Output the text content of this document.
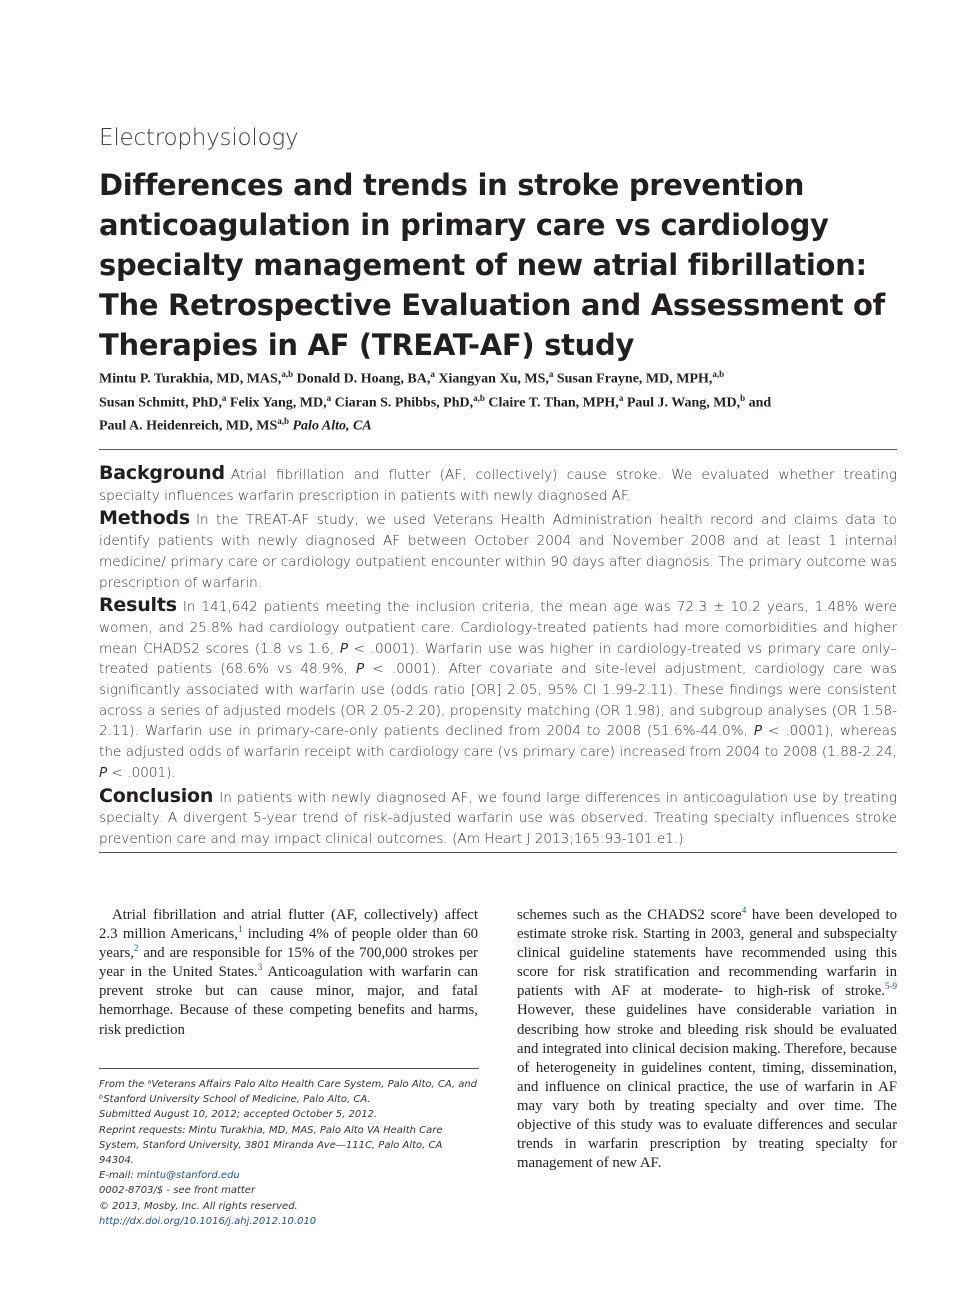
Electrophysiology
Differences and trends in stroke prevention anticoagulation in primary care vs cardiology specialty management of new atrial fibrillation: The Retrospective Evaluation and Assessment of Therapies in AF (TREAT-AF) study
Mintu P. Turakhia, MD, MAS,$^{a,b}$ Donald D. Hoang, BA,$^a$ Xiangyan Xu, MS,$^a$ Susan Frayne, MD, MPH,$^{a,b}$
Susan Schmitt, PhD,$^a$ Felix Yang, MD,$^a$ Ciaran S. Phibbs, PhD,$^{a,b}$ Claire T. Than, MPH,$^a$ Paul J. Wang, MD,$^b$ and
Paul A. Heidenreich, MD, MS$^{a,b}$ Palo Alto, CA

Background Atrial fibrillation and flutter (AF, collectively) cause stroke. We evaluated whether treating specialty influences warfarin prescription in patients with newly diagnosed AF.

Methods In the TREAT-AF study, we used Veterans Health Administration health record and claims data to identify patients with newly diagnosed AF between October 2004 and November 2008 and at least 1 internal medicine/ primary care or cardiology outpatient encounter within 90 days after diagnosis. The primary outcome was prescription of warfarin.

Results In 141,642 patients meeting the inclusion criteria, the mean age was 72.3 ± 10.2 years, 1.48% were women, and 25.8% had cardiology outpatient care. Cardiology-treated patients had more comorbidities and higher mean CHADS2 scores (1.8 vs 1.6, P < .0001). Warfarin use was higher in cardiology-treated vs primary care only–treated patients (68.6% vs 48.9%, P < .0001). After covariate and site-level adjustment, cardiology care was significantly associated with warfarin use (odds ratio [OR] 2.05, 95% CI 1.99-2.11). These findings were consistent across a series of adjusted models (OR 2.05-2.20), propensity matching (OR 1.98), and subgroup analyses (OR 1.58-2.11). Warfarin use in primary-care-only patients declined from 2004 to 2008 (51.6%-44.0%, P < .0001), whereas the adjusted odds of warfarin receipt with cardiology care (vs primary care) increased from 2004 to 2008 (1.88-2.24, P < .0001).

Conclusion In patients with newly diagnosed AF, we found large differences in anticoagulation use by treating specialty. A divergent 5-year trend of risk-adjusted warfarin use was observed. Treating specialty influences stroke prevention care and may impact clinical outcomes. (Am Heart J 2013;165:93-101.e1.)

Atrial fibrillation and atrial flutter (AF, collectively) affect 2.3 million Americans,$^1$ including 4% of people older than 60 years,$^2$ and are responsible for 15% of the 700,000 strokes per year in the United States.$^3$ Anticoagulation with warfarin can prevent stroke but can cause minor, major, and fatal hemorrhage. Because of these competing benefits and harms, risk prediction

From the ᵃVeterans Affairs Palo Alto Health Care System, Palo Alto, CA, and ᵇStanford University School of Medicine, Palo Alto, CA.
Submitted August 10, 2012; accepted October 5, 2012.
Reprint requests: Mintu Turakhia, MD, MAS, Palo Alto VA Health Care System, Stanford University, 3801 Miranda Ave—111C, Palo Alto, CA 94304.
E-mail: mintu@stanford.edu
0002-8703/$ - see front matter
© 2013, Mosby, Inc. All rights reserved.
http://dx.doi.org/10.1016/j.ahj.2012.10.010

schemes such as the CHADS2 score$^4$ have been developed to estimate stroke risk. Starting in 2003, general and subspecialty clinical guideline statements have recommended using this score for risk stratification and recommending warfarin in patients with AF at moderate- to high-risk of stroke.$^{5-9}$ However, these guidelines have considerable variation in describing how stroke and bleeding risk should be evaluated and integrated into clinical decision making. Therefore, because of heterogeneity in guidelines content, timing, dissemination, and influence on clinical practice, the use of warfarin in AF may vary both by treating specialty and over time. The objective of this study was to evaluate differences and secular trends in warfarin prescription by treating specialty for management of new AF.
